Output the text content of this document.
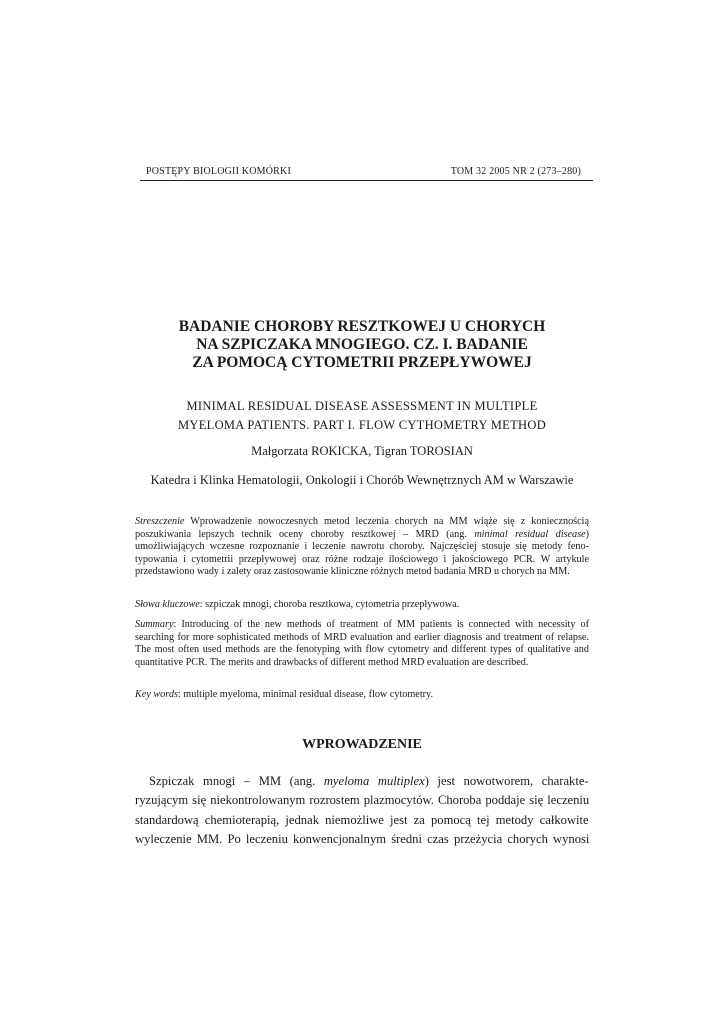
POSTĘPY BIOLOGII KOMÓRKI	TOM 32 2005 NR 2 (273–280)
BADANIE CHOROBY RESZTKOWEJ U CHORYCH
NA SZPICZAKA MNOGIEGO. CZ. I. BADANIE
ZA POMOCĄ CYTOMETRII PRZEPŁYWOWEJ
MINIMAL RESIDUAL DISEASE ASSESSMENT IN MULTIPLE
MYELOMA PATIENTS. PART I. FLOW CYTHOMETRY METHOD
Małgorzata ROKICKA, Tigran TOROSIAN
Katedra i Klinka Hematologii, Onkologii i Chorób Wewnętrznych AM w Warszawie
Streszczenie Wprowadzenie nowoczesnych metod leczenia chorych na MM wiąże się z koniecznością poszukiwania lepszych technik oceny choroby resztkowej – MRD (ang. minimal residual disease) umożliwiających wczesne rozpoznanie i leczenie nawrotu choroby. Najczęściej stosuje się metody feno-typowania i cytometrii przepływowej oraz różne rodzaje ilościowego i jakościowego PCR. W artykule przedstawiono wady i zalety oraz zastosowanie kliniczne różnych metod badania MRD u chorych na MM.
Słowa kluczowe: szpiczak mnogi, choroba resztkowa, cytometria przepływowa.
Summary: Introducing of the new methods of treatment of MM patients is connected with necessity of searching for more sophisticated methods of MRD evaluation and earlier diagnosis and treatment of relapse. The most often used methods are the fenotyping with flow cytometry and different types of qualitative and quantitative PCR. The merits and drawbacks of different method MRD evaluation are described.
Key words: multiple myeloma, minimal residual disease, flow cytometry.
WPROWADZENIE
Szpiczak mnogi – MM (ang. myeloma multiplex) jest nowotworem, charakte-
ryzującym się niekontrolowanym rozrostem plazmocytów. Choroba poddaje się leczeniu
standardową chemioterapią, jednak niemożliwe jest za pomocą tej metody całkowite
wyleczenie MM. Po leczeniu konwencjonalnym średni czas przeżycia chorych wynosi
